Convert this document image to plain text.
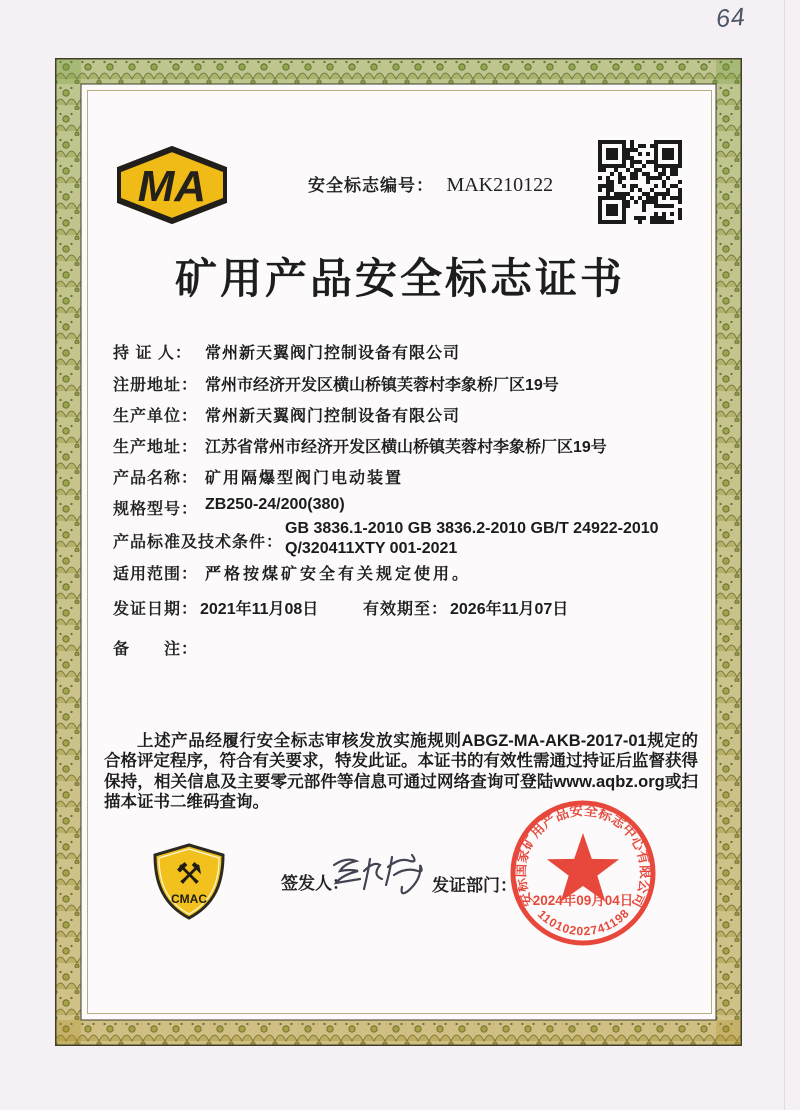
64
MA	安全标志编号： MAK210122
矿用产品安全标志证书
持 证 人： 常州新天翼阀门控制设备有限公司
注册地址： 常州市经济开发区横山桥镇芙蓉村李象桥厂区19号
生产单位： 常州新天翼阀门控制设备有限公司
生产地址： 江苏省常州市经济开发区横山桥镇芙蓉村李象桥厂区19号
产品名称： 矿用隔爆型阀门电动装置
规格型号： ZB250-24/200(380)
产品标准及技术条件：
GB 3836.1-2010 GB 3836.2-2010 GB/T 24922-2010 Q/320411XTY 001-2021
适用范围： 严格按煤矿安全有关规定使用。
发证日期： 2021年11月08日	有效期至： 2026年11月07日
备　　注：

上述产品经履行安全标志审核发放实施规则ABGZ-MA-AKB-2017-01规定的合格评定程序，符合有关要求，特发此证。本证书的有效性需通过持证后监督获得保持，相关信息及主要零元部件等信息可通过网络查询可登陆www.aqbz.org或扫描本证书二维码查询。

⚒
CMAC
签发人：	发证部门：
安标国家矿用产品安全标志中心有限公司
2024年09月04日
11010202741198
